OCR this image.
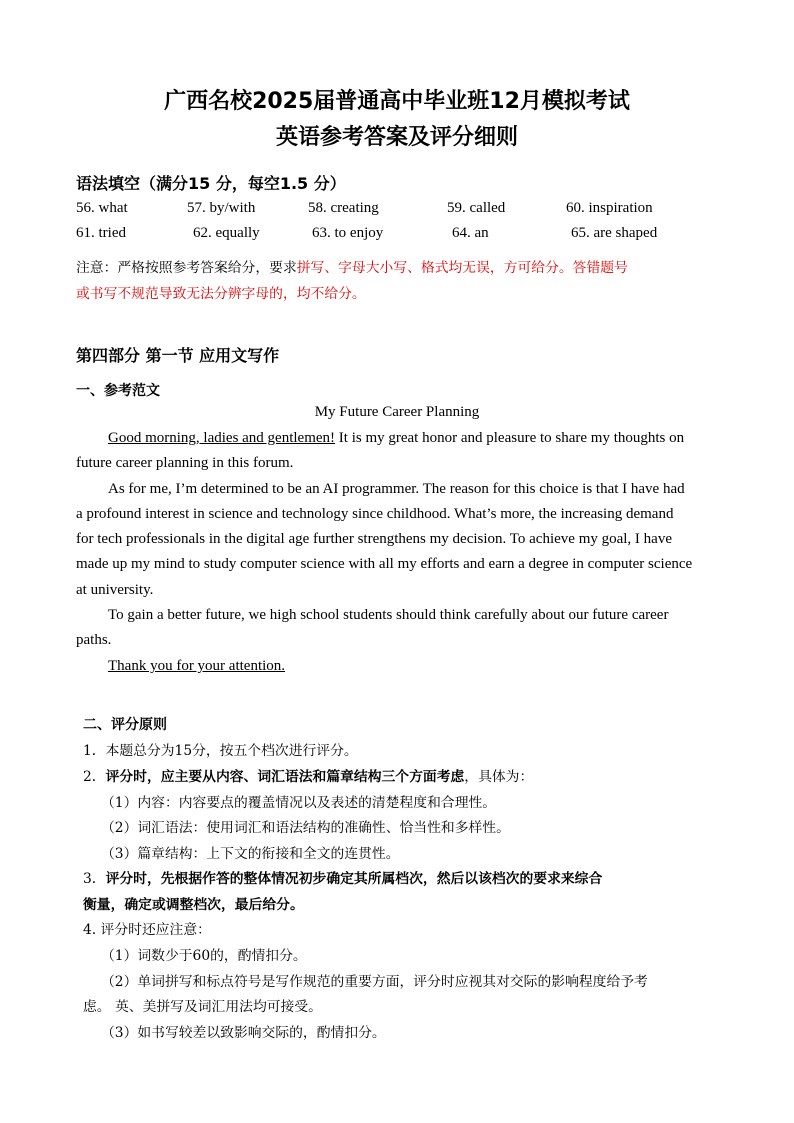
广西名校2025届普通高中毕业班12月模拟考试
英语参考答案及评分细则
语法填空（满分15 分，每空1.5 分）
56. what	57. by/with	58. creating	59. called	60. inspiration
61. tried	62. equally	63. to enjoy	64. an	65. are shaped
注意：严格按照参考答案给分，要求拼写、字母大小写、格式均无误，方可给分。答错题号
或书写不规范导致无法分辨字母的，均不给分。
第四部分 第一节 应用文写作
一、参考范文
My Future Career Planning
Good morning, ladies and gentlemen! It is my great honor and pleasure to share my thoughts on
future career planning in this forum.
As for me, I’m determined to be an AI programmer. The reason for this choice is that I have had
a profound interest in science and technology since childhood. What’s more, the increasing demand
for tech professionals in the digital age further strengthens my decision. To achieve my goal, I have
made up my mind to study computer science with all my efforts and earn a degree in computer science
at university.
To gain a better future, we high school students should think carefully about our future career
paths.
Thank you for your attention.
二、评分原则
1．本题总分为15分，按五个档次进行评分。
2．评分时，应主要从内容、词汇语法和篇章结构三个方面考虑，具体为：
（1）内容：内容要点的覆盖情况以及表述的清楚程度和合理性。
（2）词汇语法：使用词汇和语法结构的准确性、恰当性和多样性。
（3）篇章结构：上下文的衔接和全文的连贯性。
3．评分时，先根据作答的整体情况初步确定其所属档次，然后以该档次的要求来综合
衡量，确定或调整档次，最后给分。
4. 评分时还应注意：
（1）词数少于60的，酌情扣分。
（2）单词拼写和标点符号是写作规范的重要方面，评分时应视其对交际的影响程度给予考
虑。 英、美拼写及词汇用法均可接受。
（3）如书写较差以致影响交际的，酌情扣分。
